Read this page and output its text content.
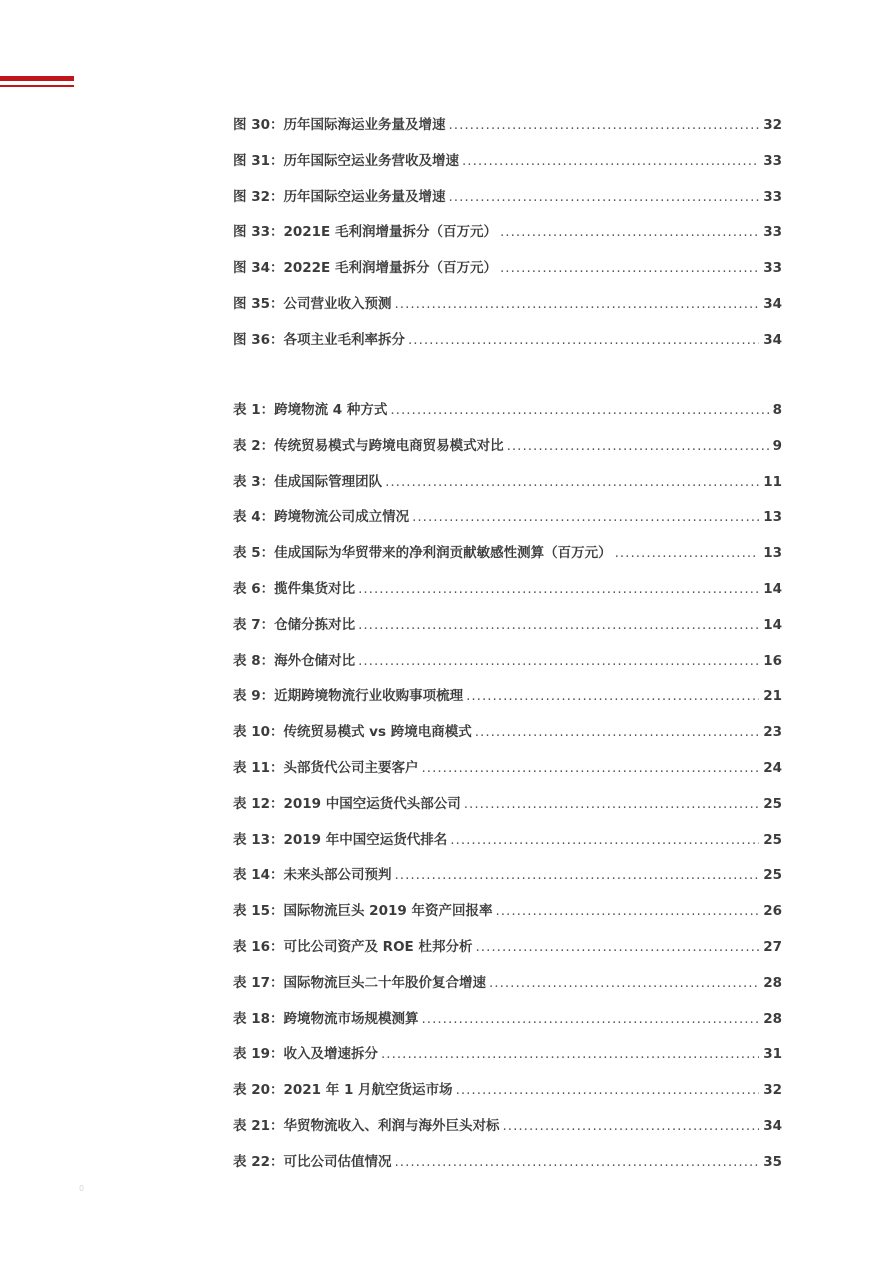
图 30：历年国际海运业务量及增速 .....	32
图 31：历年国际空运业务营收及增速 .....	33
图 32：历年国际空运业务量及增速 .....	33
图 33：2021E 毛利润增量拆分（百万元） .....	33
图 34：2022E 毛利润增量拆分（百万元） .....	33
图 35：公司营业收入预测 .....	34
图 36：各项主业毛利率拆分 .....	34
表 1：跨境物流 4 种方式 .....	8
表 2：传统贸易模式与跨境电商贸易模式对比 .....	9
表 3：佳成国际管理团队 .....	11
表 4：跨境物流公司成立情况 .....	13
表 5：佳成国际为华贸带来的净利润贡献敏感性测算（百万元） .....	13
表 6：揽件集货对比 .....	14
表 7：仓储分拣对比 .....	14
表 8：海外仓储对比 .....	16
表 9：近期跨境物流行业收购事项梳理 .....	21
表 10：传统贸易模式 vs 跨境电商模式 .....	23
表 11：头部货代公司主要客户 .....	24
表 12：2019 中国空运货代头部公司 .....	25
表 13：2019 年中国空运货代排名 .....	25
表 14：未来头部公司预判 .....	25
表 15：国际物流巨头 2019 年资产回报率 .....	26
表 16：可比公司资产及 ROE 杜邦分析 .....	27
表 17：国际物流巨头二十年股价复合增速 .....	28
表 18：跨境物流市场规模测算 .....	28
表 19：收入及增速拆分 .....	31
表 20：2021 年 1 月航空货运市场 .....	32
表 21：华贸物流收入、利润与海外巨头对标 .....	34
表 22：可比公司估值情况 .....	35
0
